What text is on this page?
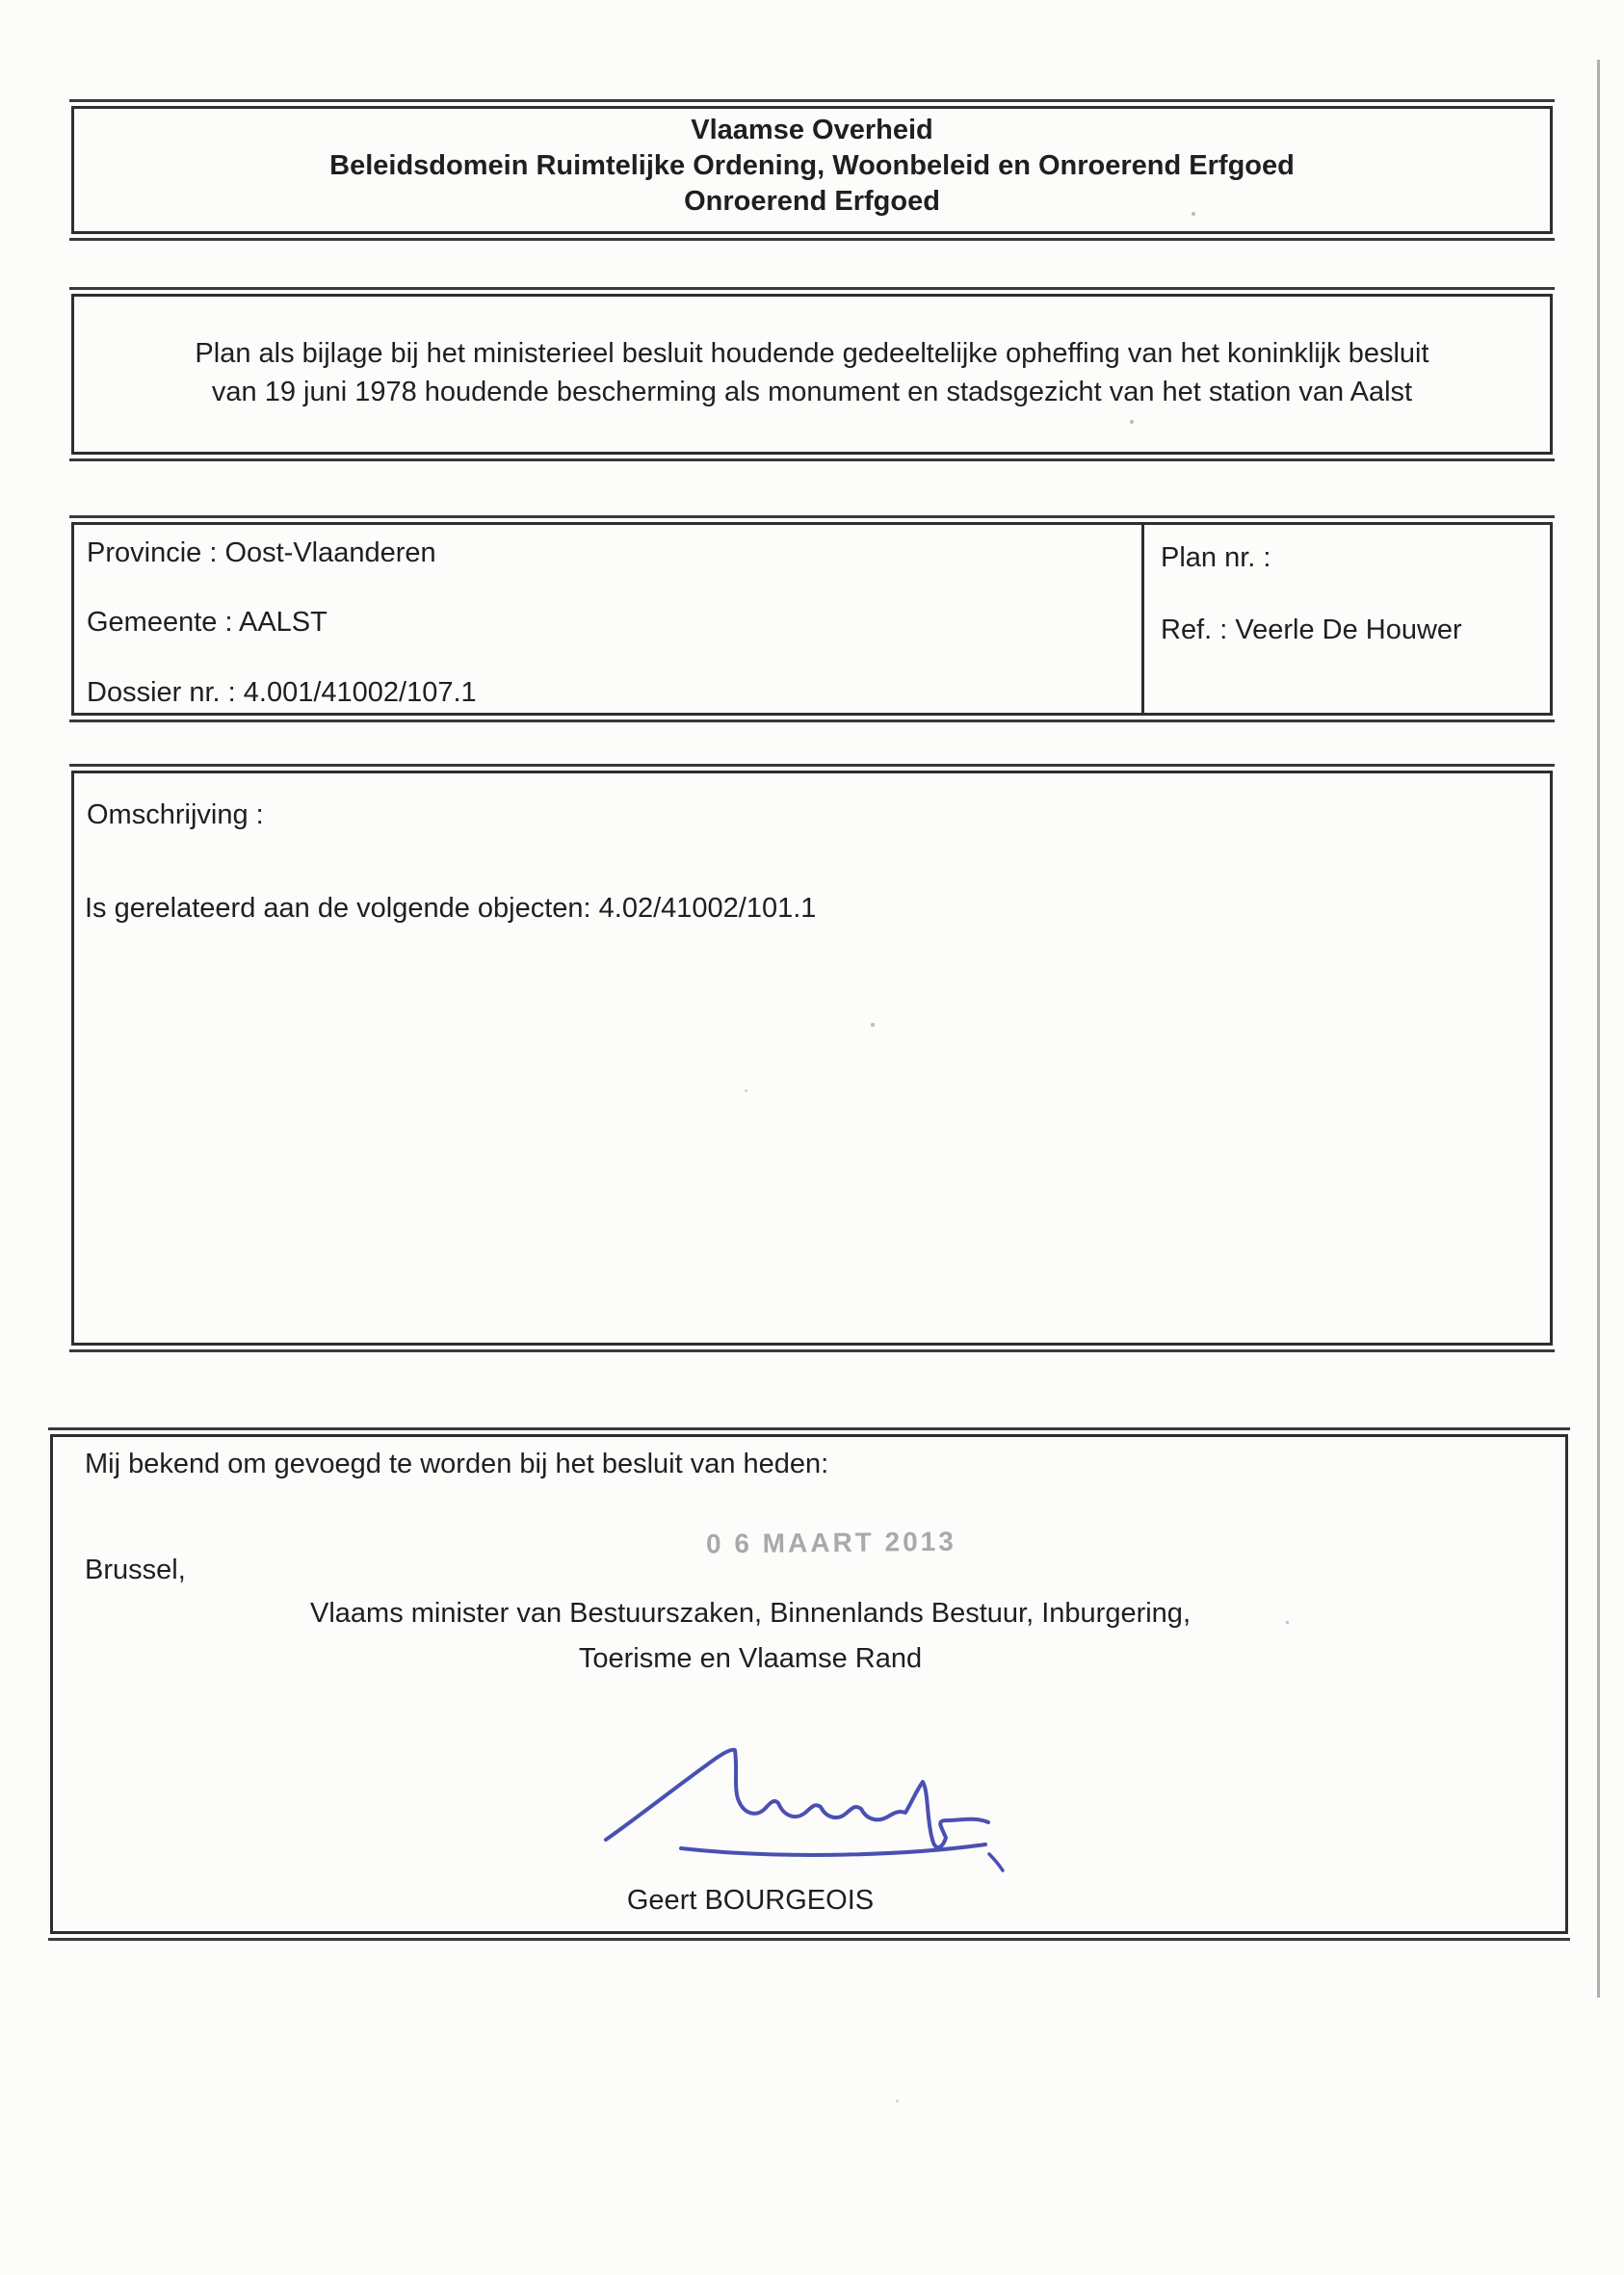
Vlaamse Overheid
Beleidsdomein Ruimtelijke Ordening, Woonbeleid en Onroerend Erfgoed
Onroerend Erfgoed
Plan als bijlage bij het ministerieel besluit houdende gedeeltelijke opheffing van het koninklijk besluit
van 19 juni 1978 houdende bescherming als monument en stadsgezicht van het station van Aalst
Provincie : Oost-Vlaanderen
Gemeente : AALST
Dossier nr. : 4.001/41002/107.1
Plan nr. :
Ref. : Veerle De Houwer
Omschrijving :
Is gerelateerd aan de volgende objecten: 4.02/41002/101.1
Mij bekend om gevoegd te worden bij het besluit van heden:
Brussel,
0 6 MAART 2013
Vlaams minister van Bestuurszaken, Binnenlands Bestuur, Inburgering,
Toerisme en Vlaamse Rand
Geert BOURGEOIS
